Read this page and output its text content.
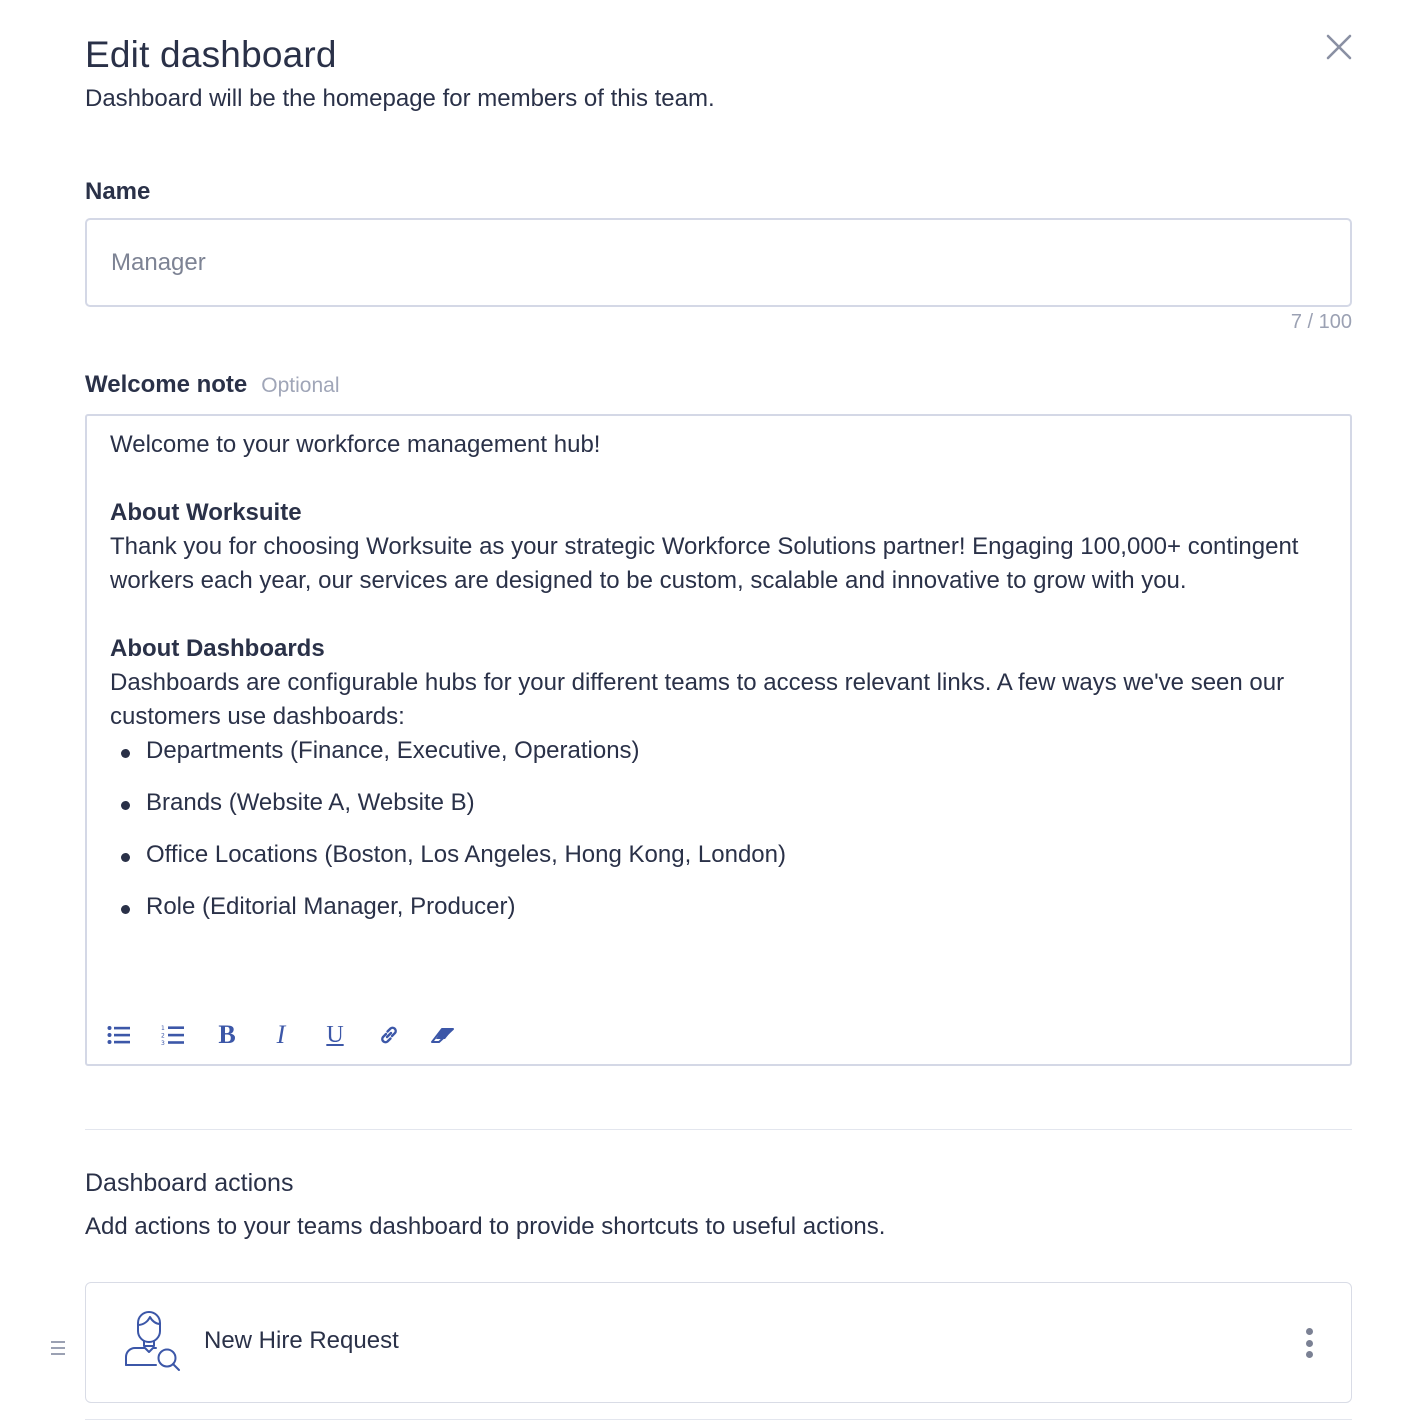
Edit dashboard
Dashboard will be the homepage for members of this team.
Name
Manager
7 / 100
Welcome note Optional

Welcome to your workforce management hub!

About Worksuite

Thank you for choosing Worksuite as your strategic Workforce Solutions partner! Engaging 100,000+ contingent workers each year, our services are designed to be custom, scalable and innovative to grow with you.

About Dashboards

Dashboards are configurable hubs for your different teams to access relevant links. A few ways we've seen our customers use dashboards:

Departments (Finance, Executive, Operations)
Brands (Website A, Website B)
Office Locations (Boston, Los Angeles, Hong Kong, London)
Role (Editorial Manager, Producer)
1
2
3 B I U
Dashboard actions
Add actions to your teams dashboard to provide shortcuts to useful actions.
New Hire Request
